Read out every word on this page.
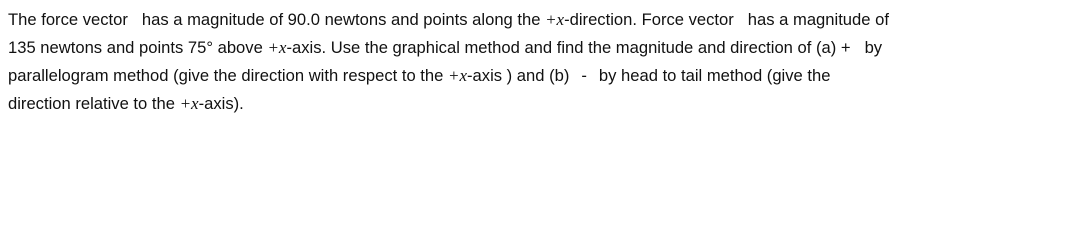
The force vector has a magnitude of 90.0 newtons and points along the +x-direction. Force vector has a magnitude of
135 newtons and points 75° above +x-axis. Use the graphical method and find the magnitude and direction of (a) + by
parallelogram method (give the direction with respect to the +x-axis ) and (b) - by head to tail method (give the
direction relative to the +x-axis).
